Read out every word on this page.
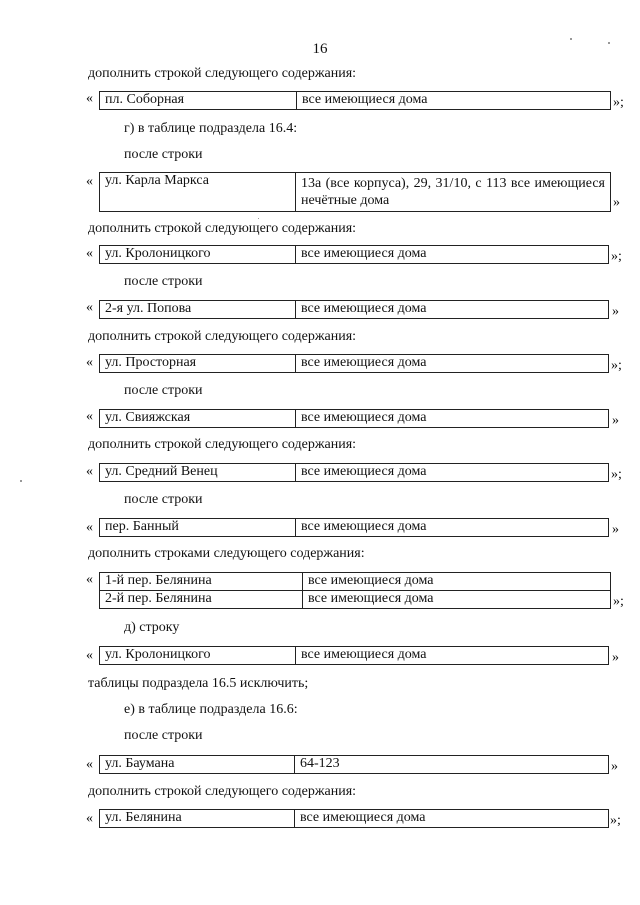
16
дополнить строкой следующего содержания:
« пл. Соборная	все имеющиеся дома	»;
г) в таблице подраздела 16.4:
после строки
« ул. Карла Маркса	13а (все корпуса), 29, 31/10, с 113 все имеющиеся нечётные дома	»
дополнить строкой следующего содержания:
« ул. Кролоницкого	все имеющиеся дома	»;
после строки
« 2-я ул. Попова	все имеющиеся дома	»
дополнить строкой следующего содержания:
« ул. Просторная	все имеющиеся дома	»;
после строки
« ул. Свияжская	все имеющиеся дома	»
дополнить строкой следующего содержания:
« ул. Средний Венец	все имеющиеся дома	»;
после строки
« пер. Банный	все имеющиеся дома	»
дополнить строками следующего содержания:
« 1-й пер. Белянина	все имеющиеся дома
2-й пер. Белянина	все имеющиеся дома	»;
д) строку
« ул. Кролоницкого	все имеющиеся дома	»
таблицы подраздела 16.5 исключить;
е) в таблице подраздела 16.6:
после строки
« ул. Баумана	64-123	»
дополнить строкой следующего содержания:
« ул. Белянина	все имеющиеся дома	»;
